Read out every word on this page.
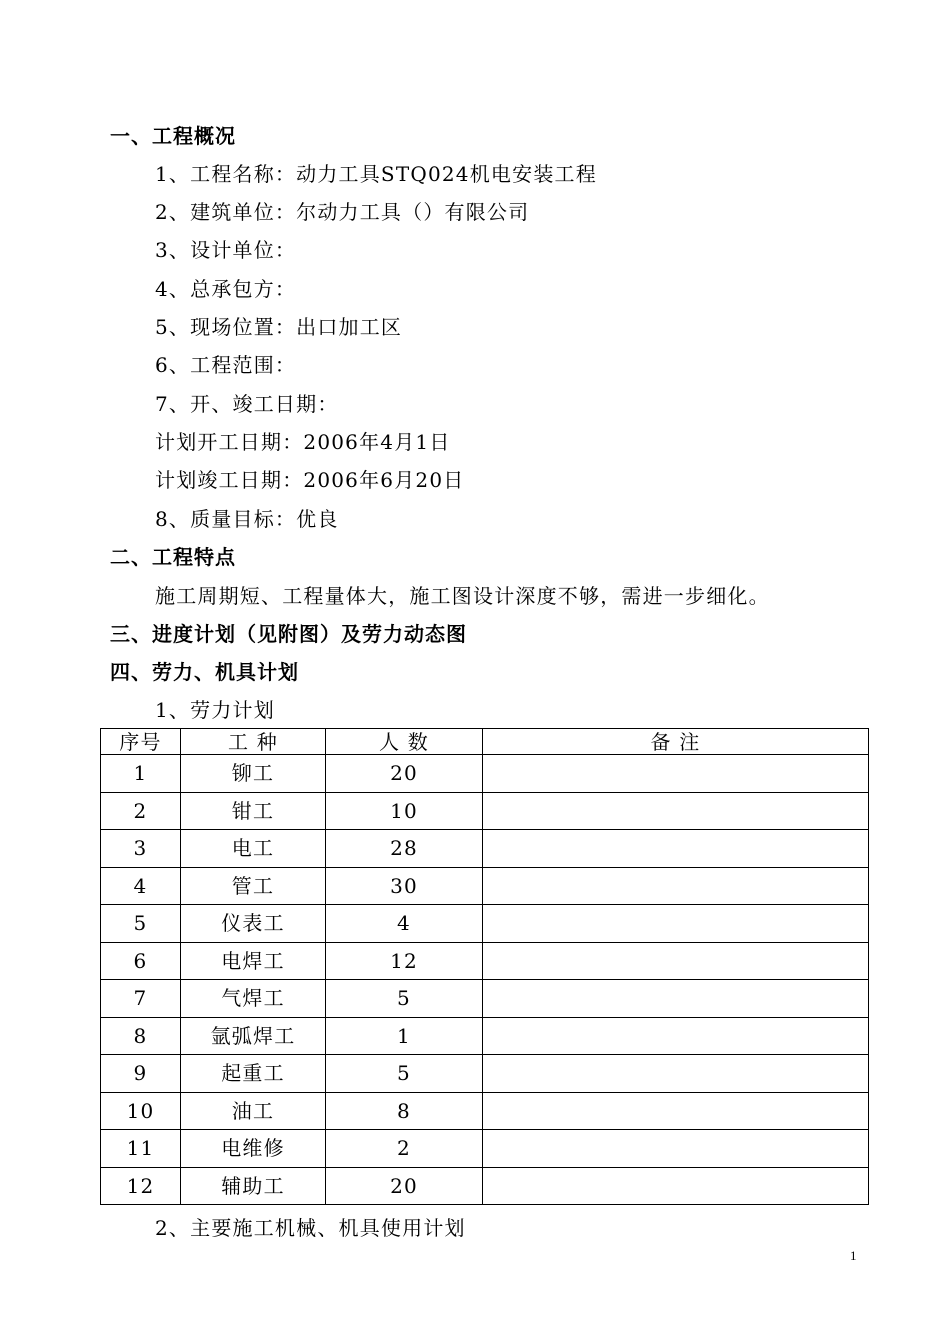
一、工程概况
1、工程名称：动力工具STQ024机电安装工程
2、建筑单位：尔动力工具（）有限公司
3、设计单位：
4、总承包方：
5、现场位置：出口加工区
6、工程范围：
7、开、竣工日期：
计划开工日期：2006年4月1日
计划竣工日期：2006年6月20日
8、质量目标：优良
二、工程特点
施工周期短、工程量体大，施工图设计深度不够，需进一步细化。
三、进度计划（见附图）及劳力动态图
四、劳力、机具计划
1、劳力计划
序号	工 种	人 数	备 注
1	铆工	20	
2	钳工	10	
3	电工	28	
4	管工	30	
5	仪表工	4	
6	电焊工	12	
7	气焊工	5	
8	氩弧焊工	1	
9	起重工	5	
10	油工	8	
11	电维修	2	
12	辅助工	20	
2、主要施工机械、机具使用计划
1
